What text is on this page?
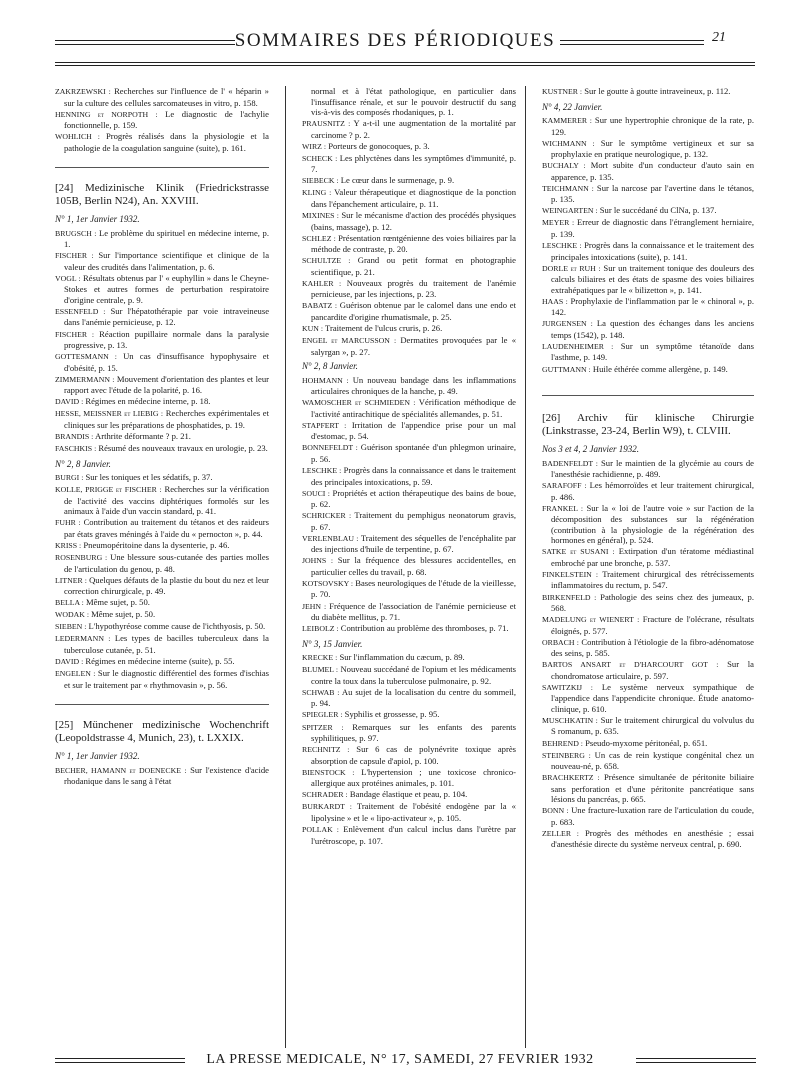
SOMMAIRES DES PÉRIODIQUES	21
ZAKRZEWSKI : Recherches sur l'influence de l' « héparin » sur la culture des cellules sarcomateuses in vitro, p. 158.
HENNING et NORPOTH : Le diagnostic de l'achylie fonctionnelle, p. 159.
WOHLICH : Progrès réalisés dans la physiologie et la pathologie de la coagulation sanguine (suite), p. 161.
[24] Medizinische Klinik (Friedrickstrasse 105B, Berlin N24), An. XXVIII.
N° 1, 1er Janvier 1932.
BRUGSCH : Le problème du spirituel en médecine interne, p. 1.
FISCHER : Sur l'importance scientifique et clinique de la valeur des crudités dans l'alimentation, p. 6.
VOGL : Résultats obtenus par l' « euphyllin » dans le Cheyne-Stokes et autres formes de perturbation respiratoire d'origine centrale, p. 9.
ESSENFELD : Sur l'hépatothérapie par voie intraveineuse dans l'anémie pernicieuse, p. 12.
FISCHER : Réaction pupillaire normale dans la paralysie progressive, p. 13.
GOTTESMANN : Un cas d'insuffisance hypophysaire et d'obésité, p. 15.
ZIMMERMANN : Mouvement d'orientation des plantes et leur rapport avec l'étude de la polarité, p. 16.
DAVID : Régimes en médecine interne, p. 18.
HESSE, MEISSNER et LIEBIG : Recherches expérimentales et cliniques sur les préparations de phosphatides, p. 19.
BRANDIS : Arthrite déformante ? p. 21.
FASCHKIS : Résumé des nouveaux travaux en urologie, p. 23.
N° 2, 8 Janvier.
BURGI : Sur les toniques et les sédatifs, p. 37.
KOLLE, PRIGGE et FISCHER : Recherches sur la vérification de l'activité des vaccins diphtériques formolés sur les animaux à l'aide d'un vaccin standard, p. 41.
FUHR : Contribution au traitement du tétanos et des raideurs par états graves méningés à l'aide du « pernocton », p. 44.
KRISS : Pneumopéritoine dans la dysenterie, p. 46.
ROSENBURG : Une blessure sous-cutanée des parties molles de l'articulation du genou, p. 48.
LITNER : Quelques défauts de la plastie du bout du nez et leur correction chirurgicale, p. 49.
BELLA : Même sujet, p. 50.
WODAK : Même sujet, p. 50.
SIEBEN : L'hypothyréose comme cause de l'ichthyosis, p. 50.
LEDERMANN : Les types de bacilles tuberculeux dans la tuberculose cutanée, p. 51.
DAVID : Régimes en médecine interne (suite), p. 55.
ENGELEN : Sur le diagnostic différentiel des formes d'ischias et sur le traitement par « rhythmovasin », p. 56.
[25] Münchener medizinische Wochenchrift (Leopoldstrasse 4, Munich, 23), t. LXXIX.
N° 1, 1er Janvier 1932.
BECHER, HAMANN et DOENECKE : Sur l'existence d'acide rhodanique dans le sang à l'état
normal et à l'état pathologique, en particulier dans l'insuffisance rénale, et sur le pouvoir destructif du sang vis-à-vis des composés rhodaniques, p. 1.
PRAUSNITZ : Y a-t-il une augmentation de la mortalité par carcinome ? p. 2.
WIRZ : Porteurs de gonocoques, p. 3.
SCHECK : Les phlyctènes dans les symptômes d'immunité, p. 7.
SIEBECK : Le cœur dans le surmenage, p. 9.
KLING : Valeur thérapeutique et diagnostique de la ponction dans l'épanchement articulaire, p. 11.
MIXINES : Sur le mécanisme d'action des procédés physiques (bains, massage), p. 12.
SCHLEZ : Présentation rœntgénienne des voies biliaires par la méthode de contraste, p. 20.
SCHULTZE : Grand ou petit format en photographie scientifique, p. 21.
KAHLER : Nouveaux progrès du traitement de l'anémie pernicieuse, par les injections, p. 23.
BABATZ : Guérison obtenue par le calomel dans une endo et pancardite d'origine rhumatismale, p. 25.
KUN : Traitement de l'ulcus cruris, p. 26.
ENGEL et MARCUSSON : Dermatites provoquées par le « salyrgan », p. 27.
N° 2, 8 Janvier.
HOHMANN : Un nouveau bandage dans les inflammations articulaires chroniques de la hanche, p. 49.
WAMOSCHER et SCHMIEDEN : Vérification méthodique de l'activité antirachitique de spécialités allemandes, p. 51.
STAPFERT : Irritation de l'appendice prise pour un mal d'estomac, p. 54.
BONNEFELDT : Guérison spontanée d'un phlegmon urinaire, p. 56.
LESCHKE : Progrès dans la connaissance et dans le traitement des principales intoxications, p. 59.
SOUCI : Propriétés et action thérapeutique des bains de boue, p. 62.
SCHRICKER : Traitement du pemphigus neonatorum gravis, p. 67.
VERLENBLAU : Traitement des séquelles de l'encéphalite par des injections d'huile de terpentine, p. 67.
JOHNS : Sur la fréquence des blessures accidentelles, en particulier celles du travail, p. 68.
KOTSOVSKY : Bases neurologiques de l'étude de la vieillesse, p. 70.
JEHN : Fréquence de l'association de l'anémie pernicieuse et du diabète mellitus, p. 71.
LEIBOLZ : Contribution au problème des thromboses, p. 71.
N° 3, 15 Janvier.
KRECKE : Sur l'inflammation du cæcum, p. 89.
BLUMEL : Nouveau succédané de l'opium et les médicaments contre la toux dans la tuberculose pulmonaire, p. 92.
SCHWAB : Au sujet de la localisation du centre du sommeil, p. 94.
SPIEGLER : Syphilis et grossesse, p. 95.
SPITZER : Remarques sur les enfants des parents syphilitiques, p. 97.
RECHNITZ : Sur 6 cas de polynévrite toxique après absorption de capsule d'apiol, p. 100.
BIENSTOCK : L'hypertension ; une toxicose chronico-allergique aux protéines animales, p. 101.
SCHRADER : Bandage élastique et peau, p. 104.
BURKARDT : Traitement de l'obésité endogène par la « lipolysine » et le « lipo-activateur », p. 105.
POLLAK : Enlèvement d'un calcul inclus dans l'urètre par l'urétroscope, p. 107.
KUSTNER : Sur le goutte à goutte intraveineux, p. 112.
N° 4, 22 Janvier.
KAMMERER : Sur une hypertrophie chronique de la rate, p. 129.
WICHMANN : Sur le symptôme vertigineux et sur sa prophylaxie en pratique neurologique, p. 132.
BUCHALY : Mort subite d'un conducteur d'auto sain en apparence, p. 135.
TEICHMANN : Sur la narcose par l'avertine dans le tétanos, p. 135.
WEINGARTEN : Sur le succédané du ClNa, p. 137.
MEYER : Erreur de diagnostic dans l'étranglement herniaire, p. 139.
LESCHKE : Progrès dans la connaissance et le traitement des principales intoxications (suite), p. 141.
DORLE et RUH : Sur un traitement tonique des douleurs des calculs biliaires et des états de spasme des voies biliaires extrahépatiques par le « bilizetton », p. 141.
HAAS : Prophylaxie de l'inflammation par le « chinoral », p. 142.
JURGENSEN : La question des échanges dans les anciens temps (1542), p. 148.
LAUDENHEIMER : Sur un symptôme tétanoïde dans l'asthme, p. 149.
GUTTMANN : Huile éthérée comme allergène, p. 149.
[26] Archiv für klinische Chirurgie (Linkstrasse, 23-24, Berlin W9), t. CLVIII.
Nos 3 et 4, 2 Janvier 1932.
BADENFELDT : Sur le maintien de la glycémie au cours de l'anesthésie rachidienne, p. 489.
SARAFOFF : Les hémorroïdes et leur traitement chirurgical, p. 486.
FRANKEL : Sur la « loi de l'autre voie » sur l'action de la décomposition des substances sur la régénération (contribution à la physiologie de la régénération des hormones en général), p. 524.
SATKE et SUSANI : Extirpation d'un tératome médiastinal embroché par une bronche, p. 537.
FINKELSTEIN : Traitement chirurgical des rétrécissements inflammatoires du rectum, p. 547.
BIRKENFELD : Pathologie des seins chez des jumeaux, p. 568.
MADELUNG et WIENERT : Fracture de l'olécrane, résultats éloignés, p. 577.
ORBACH : Contribution à l'étiologie de la fibro-adénomatose des seins, p. 585.
BARTOS ANSART et D'HARCOURT GOT : Sur la chondromatose articulaire, p. 597.
SAWITZKIJ : Le système nerveux sympathique de l'appendice dans l'appendicite chronique. Étude anatomo-clinique, p. 610.
MUSCHKATIN : Sur le traitement chirurgical du volvulus du S romanum, p. 635.
BEHREND : Pseudo-myxome péritonéal, p. 651.
STEINBERG : Un cas de rein kystique congénital chez un nouveau-né, p. 658.
BRACHKERTZ : Présence simultanée de péritonite biliaire sans perforation et d'une péritonite pancréatique sans lésions du pancréas, p. 665.
BONN : Une fracture-luxation rare de l'articulation du coude, p. 683.
ZELLER : Progrès des méthodes en anesthésie ; essai d'anesthésie directe du système nerveux central, p. 690.
LA PRESSE MEDICALE, N° 17, SAMEDI, 27 FEVRIER 1932
